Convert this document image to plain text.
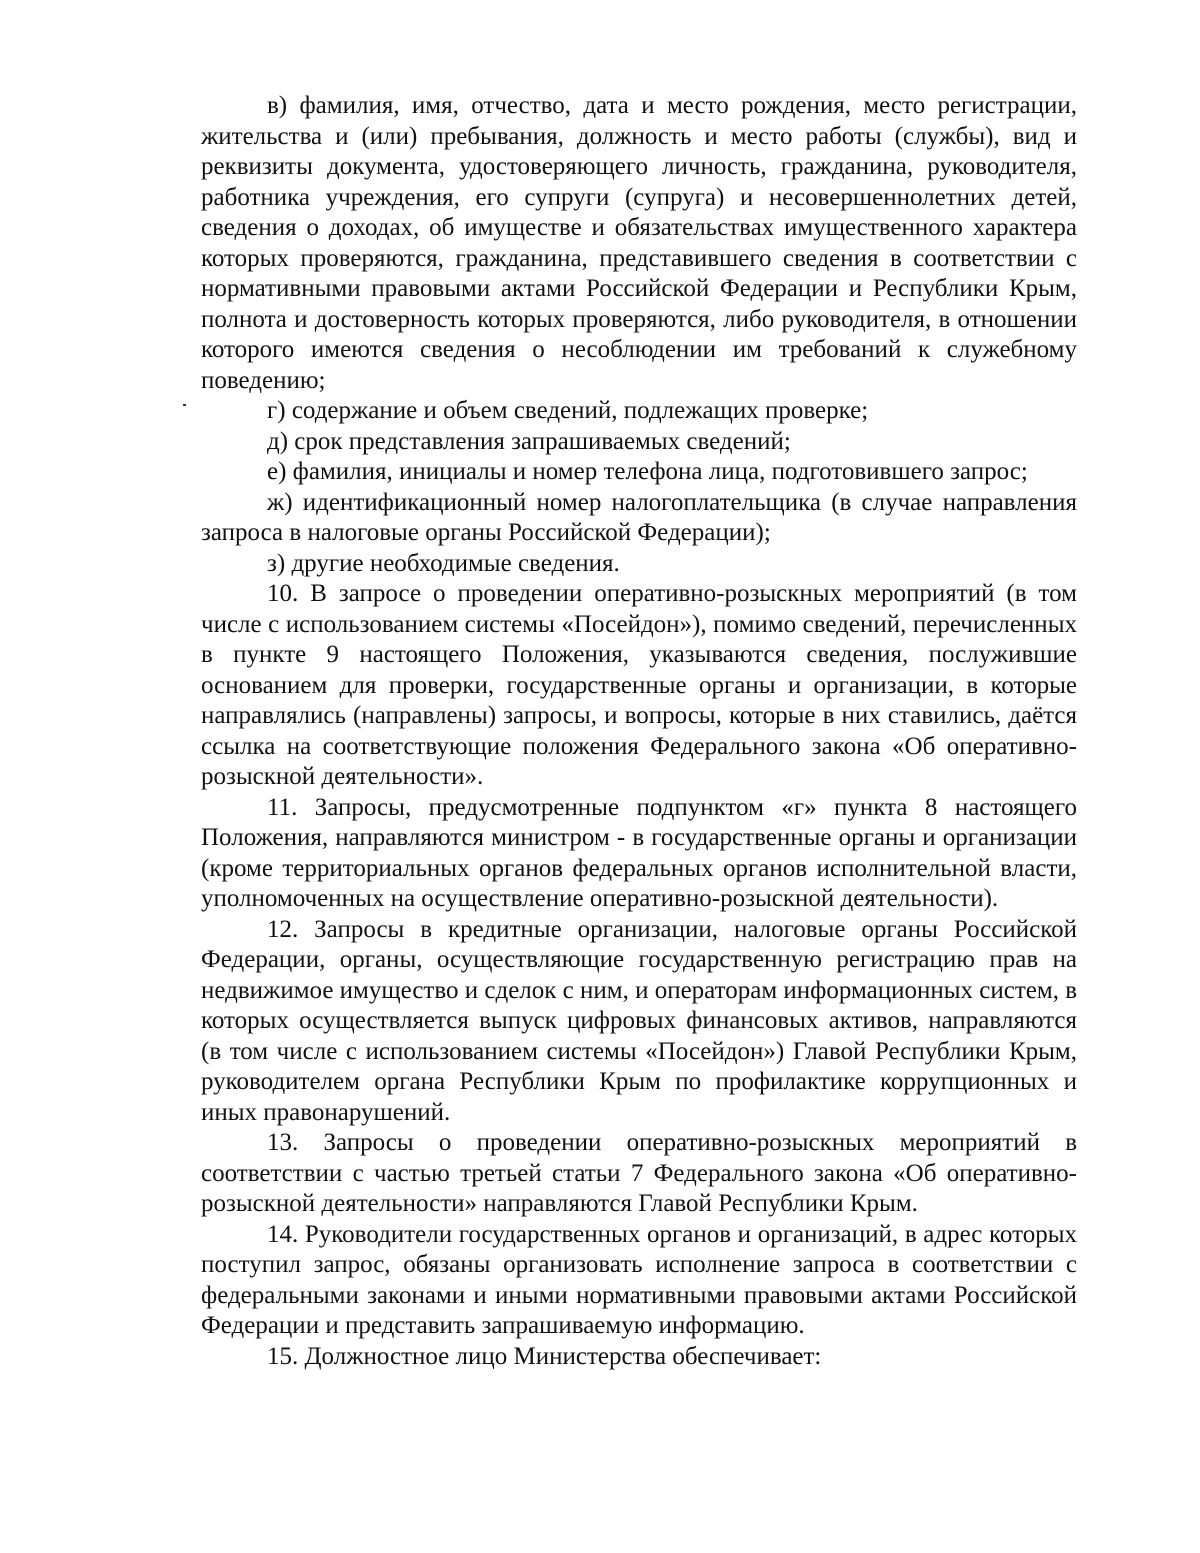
в) фамилия, имя, отчество, дата и место рождения, место регистрации, жительства и (или) пребывания, должность и место работы (службы), вид и реквизиты документа, удостоверяющего личность, гражданина, руководителя, работника учреждения, его супруги (супруга) и несовершеннолетних детей, сведения о доходах, об имуществе и обязательствах имущественного характера которых проверяются, гражданина, представившего сведения в соответствии с нормативными правовыми актами Российской Федерации и Республики Крым, полнота и достоверность которых проверяются, либо руководителя, в отношении которого имеются сведения о несоблюдении им требований к служебному поведению;

г) содержание и объем сведений, подлежащих проверке;

д) срок представления запрашиваемых сведений;

е) фамилия, инициалы и номер телефона лица, подготовившего запрос;

ж) идентификационный номер налогоплательщика (в случае направления запроса в налоговые органы Российской Федерации);

з) другие необходимые сведения.

10. В запросе о проведении оперативно-розыскных мероприятий (в том числе с использованием системы «Посейдон»), помимо сведений, перечисленных в пункте 9 настоящего Положения, указываются сведения, послужившие основанием для проверки, государственные органы и организации, в которые направлялись (направлены) запросы, и вопросы, которые в них ставились, даётся ссылка на соответствующие положения Федерального закона «Об оперативно-розыскной деятельности».

11. Запросы, предусмотренные подпунктом «г» пункта 8 настоящего Положения, направляются министром - в государственные органы и организации (кроме территориальных органов федеральных органов исполнительной власти, уполномоченных на осуществление оперативно-розыскной деятельности).

12. Запросы в кредитные организации, налоговые органы Российской Федерации, органы, осуществляющие государственную регистрацию прав на недвижимое имущество и сделок с ним, и операторам информационных систем, в которых осуществляется выпуск цифровых финансовых активов, направляются (в том числе с использованием системы «Посейдон») Главой Республики Крым, руководителем органа Республики Крым по профилактике коррупционных и иных правонарушений.

13. Запросы о проведении оперативно-розыскных мероприятий в соответствии с частью третьей статьи 7 Федерального закона «Об оперативно-розыскной деятельности» направляются Главой Республики Крым.

14. Руководители государственных органов и организаций, в адрес которых поступил запрос, обязаны организовать исполнение запроса в соответствии с федеральными законами и иными нормативными правовыми актами Российской Федерации и представить запрашиваемую информацию.

15. Должностное лицо Министерства обеспечивает:
